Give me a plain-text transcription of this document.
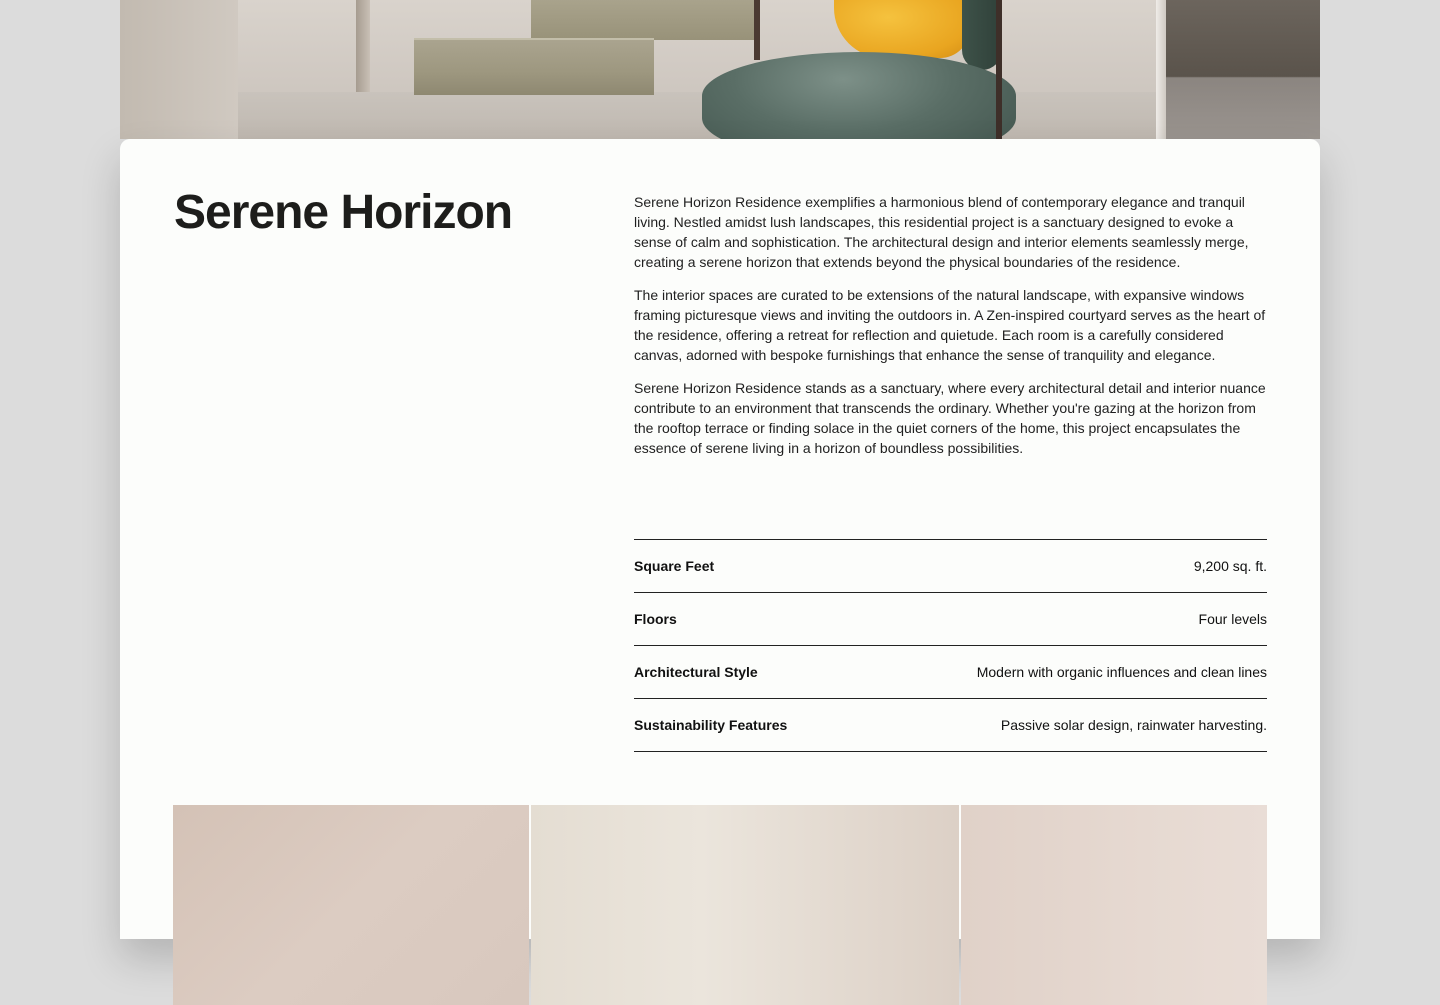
Serene Horizon	Serene Horizon Residence exemplifies a harmonious blend of contemporary elegance and tranquil living. Nestled amidst lush landscapes, this residential project is a sanctuary designed to evoke a sense of calm and sophistication. The architectural design and interior elements seamlessly merge, creating a serene horizon that extends beyond the physical boundaries of the residence.

The interior spaces are curated to be extensions of the natural landscape, with expansive windows framing picturesque views and inviting the outdoors in. A Zen-inspired courtyard serves as the heart of the residence, offering a retreat for reflection and quietude. Each room is a carefully considered canvas, adorned with bespoke furnishings that enhance the sense of tranquility and elegance.

Serene Horizon Residence stands as a sanctuary, where every architectural detail and interior nuance contribute to an environment that transcends the ordinary. Whether you're gazing at the horizon from the rooftop terrace or finding solace in the quiet corners of the home, this project encapsulates the essence of serene living in a horizon of boundless possibilities.

Square Feet	9,200 sq. ft.
Floors	Four levels
Architectural Style	Modern with organic influences and clean lines
Sustainability Features	Passive solar design, rainwater harvesting.
